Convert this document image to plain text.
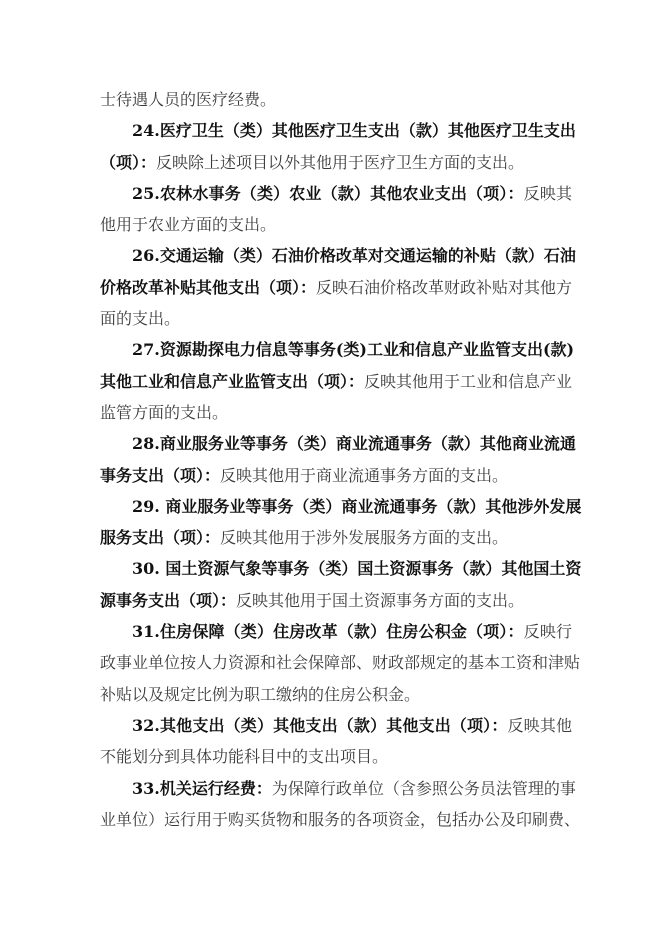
士待遇人员的医疗经费。
24.医疗卫生（类）其他医疗卫生支出（款）其他医疗卫生支出
（项）：反映除上述项目以外其他用于医疗卫生方面的支出。
25.农林水事务（类）农业（款）其他农业支出（项）：反映其
他用于农业方面的支出。
26.交通运输（类）石油价格改革对交通运输的补贴（款）石油
价格改革补贴其他支出（项）：反映石油价格改革财政补贴对其他方
面的支出。
27.资源勘探电力信息等事务(类)工业和信息产业监管支出(款)
其他工业和信息产业监管支出（项）：反映其他用于工业和信息产业
监管方面的支出。
28.商业服务业等事务（类）商业流通事务（款）其他商业流通
事务支出（项）：反映其他用于商业流通事务方面的支出。
29. 商业服务业等事务（类）商业流通事务（款）其他涉外发展
服务支出（项）：反映其他用于涉外发展服务方面的支出。
30. 国土资源气象等事务（类）国土资源事务（款）其他国土资
源事务支出（项）：反映其他用于国土资源事务方面的支出。
31.住房保障（类）住房改革（款）住房公积金（项）：反映行
政事业单位按人力资源和社会保障部、财政部规定的基本工资和津贴
补贴以及规定比例为职工缴纳的住房公积金。
32.其他支出（类）其他支出（款）其他支出（项）：反映其他
不能划分到具体功能科目中的支出项目。
33.机关运行经费：为保障行政单位（含参照公务员法管理的事
业单位）运行用于购买货物和服务的各项资金，包括办公及印刷费、
